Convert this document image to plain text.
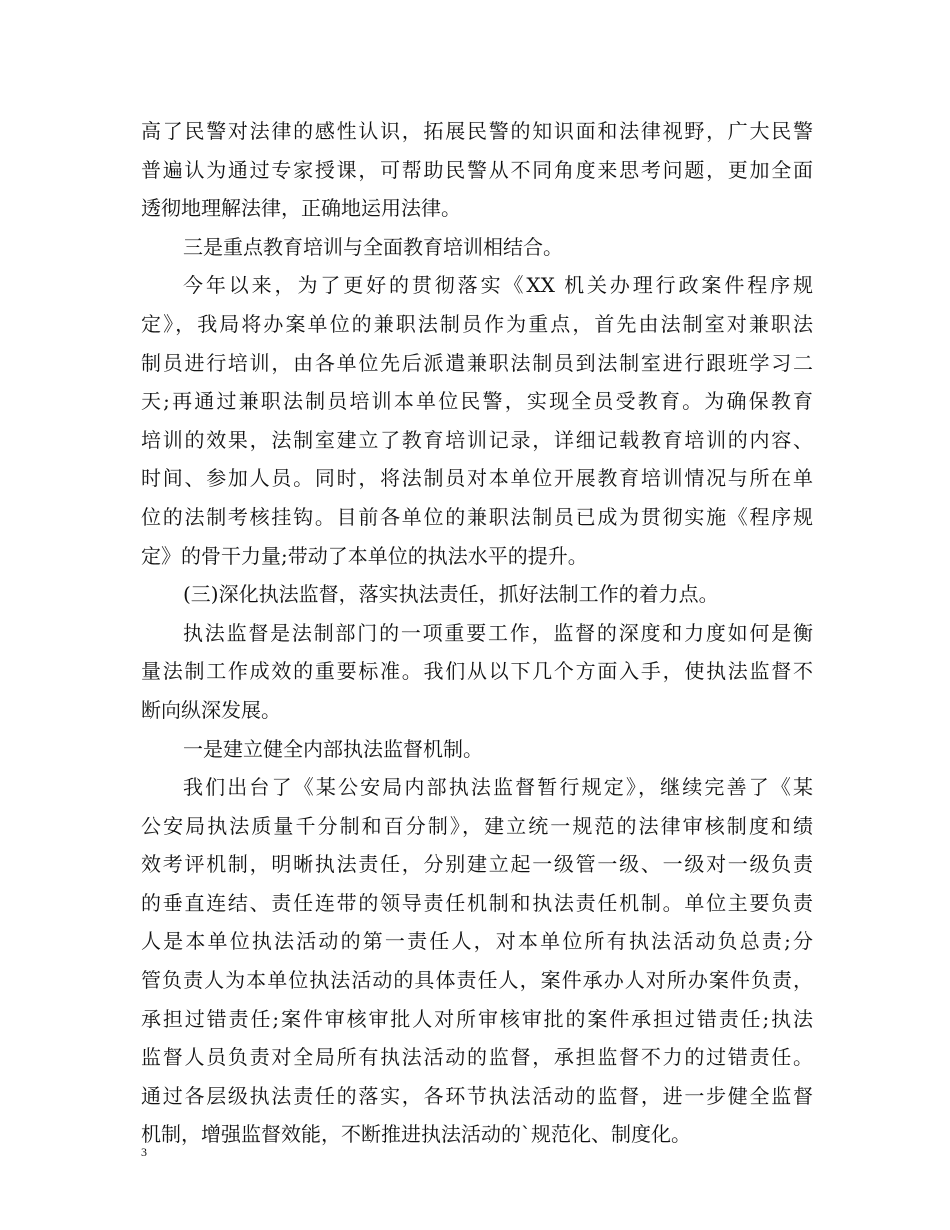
高了民警对法律的感性认识，拓展民警的知识面和法律视野，广大民警
普遍认为通过专家授课，可帮助民警从不同角度来思考问题，更加全面
透彻地理解法律，正确地运用法律。
三是重点教育培训与全面教育培训相结合。
今年以来，为了更好的贯彻落实《XX 机关办理行政案件程序规
定》，我局将办案单位的兼职法制员作为重点，首先由法制室对兼职法
制员进行培训，由各单位先后派遣兼职法制员到法制室进行跟班学习二
天;再通过兼职法制员培训本单位民警，实现全员受教育。为确保教育
培训的效果，法制室建立了教育培训记录，详细记载教育培训的内容、
时间、参加人员。同时，将法制员对本单位开展教育培训情况与所在单
位的法制考核挂钩。目前各单位的兼职法制员已成为贯彻实施《程序规
定》的骨干力量;带动了本单位的执法水平的提升。
(三)深化执法监督，落实执法责任，抓好法制工作的着力点。
执法监督是法制部门的一项重要工作，监督的深度和力度如何是衡
量法制工作成效的重要标准。我们从以下几个方面入手，使执法监督不
断向纵深发展。
一是建立健全内部执法监督机制。
我们出台了《某公安局内部执法监督暂行规定》，继续完善了《某
公安局执法质量千分制和百分制》，建立统一规范的法律审核制度和绩
效考评机制，明晰执法责任，分别建立起一级管一级、一级对一级负责
的垂直连结、责任连带的领导责任机制和执法责任机制。单位主要负责
人是本单位执法活动的第一责任人，对本单位所有执法活动负总责;分
管负责人为本单位执法活动的具体责任人，案件承办人对所办案件负责，
承担过错责任;案件审核审批人对所审核审批的案件承担过错责任;执法
监督人员负责对全局所有执法活动的监督，承担监督不力的过错责任。
通过各层级执法责任的落实，各环节执法活动的监督，进一步健全监督
机制，增强监督效能，不断推进执法活动的`规范化、制度化。
3
